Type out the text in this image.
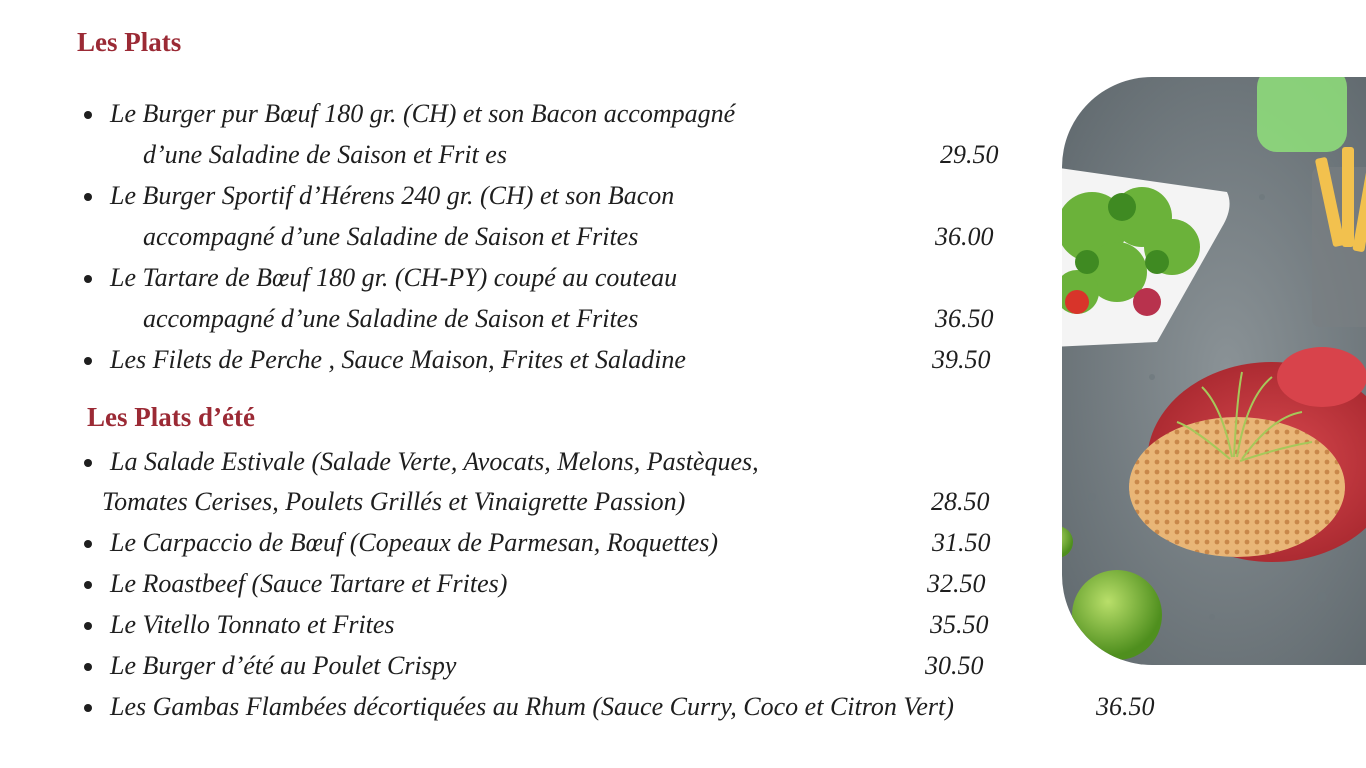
Les Plats
Le Burger pur Bœuf 180 gr. (CH) et son Bacon accompagné
d’une Saladine de Saison et Frit es	29.50
Le Burger Sportif d’Hérens 240 gr. (CH) et son Bacon
accompagné d’une Saladine de Saison et Frites	36.00
Le Tartare de Bœuf 180 gr. (CH-PY) coupé au couteau
accompagné d’une Saladine de Saison et Frites	36.50
Les Filets de Perche , Sauce Maison, Frites et Saladine	39.50
Les Plats d’été
La Salade Estivale (Salade Verte, Avocats, Melons, Pastèques,
Tomates Cerises, Poulets Grillés et Vinaigrette Passion)	28.50
Le Carpaccio de Bœuf (Copeaux de Parmesan, Roquettes)	31.50
Le Roastbeef (Sauce Tartare et Frites)	32.50
Le Vitello Tonnato et Frites	35.50
Le Burger d’été au Poulet Crispy	30.50
Les Gambas Flambées décortiquées au Rhum (Sauce Curry, Coco et Citron Vert)	36.50
